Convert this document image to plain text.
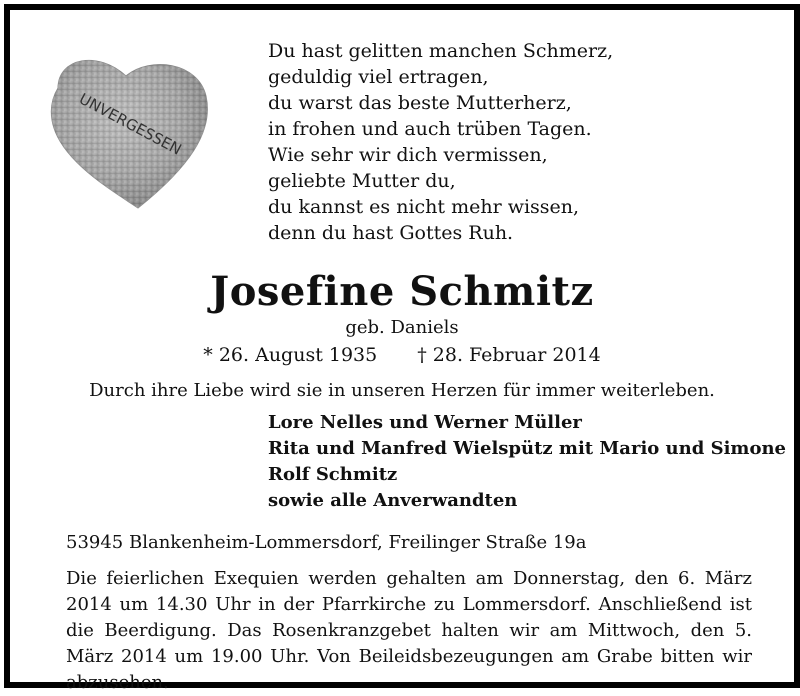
UNVERGESSEN
Du hast gelitten manchen Schmerz,
geduldig viel ertragen,
du warst das beste Mutterherz,
in frohen und auch trüben Tagen.
Wie sehr wir dich vermissen,
geliebte Mutter du,
du kannst es nicht mehr wissen,
denn du hast Gottes Ruh.
Josefine Schmitz
geb. Daniels
* 26. August 1935 † 28. Februar 2014
Durch ihre Liebe wird sie in unseren Herzen für immer weiterleben.
Lore Nelles und Werner Müller
Rita und Manfred Wielspütz mit Mario und Simone
Rolf Schmitz
sowie alle Anverwandten
53945 Blankenheim-Lommersdorf, Freilinger Straße 19a
Die feierlichen Exequien werden gehalten am Donnerstag, den 6. März 2014 um 14.30 Uhr in der Pfarrkirche zu Lommersdorf. Anschließend ist die Beerdigung. Das Rosenkranzgebet halten wir am Mittwoch, den 5. März 2014 um 19.00 Uhr. Von Beileidsbezeugungen am Grabe bitten wir abzusehen.
